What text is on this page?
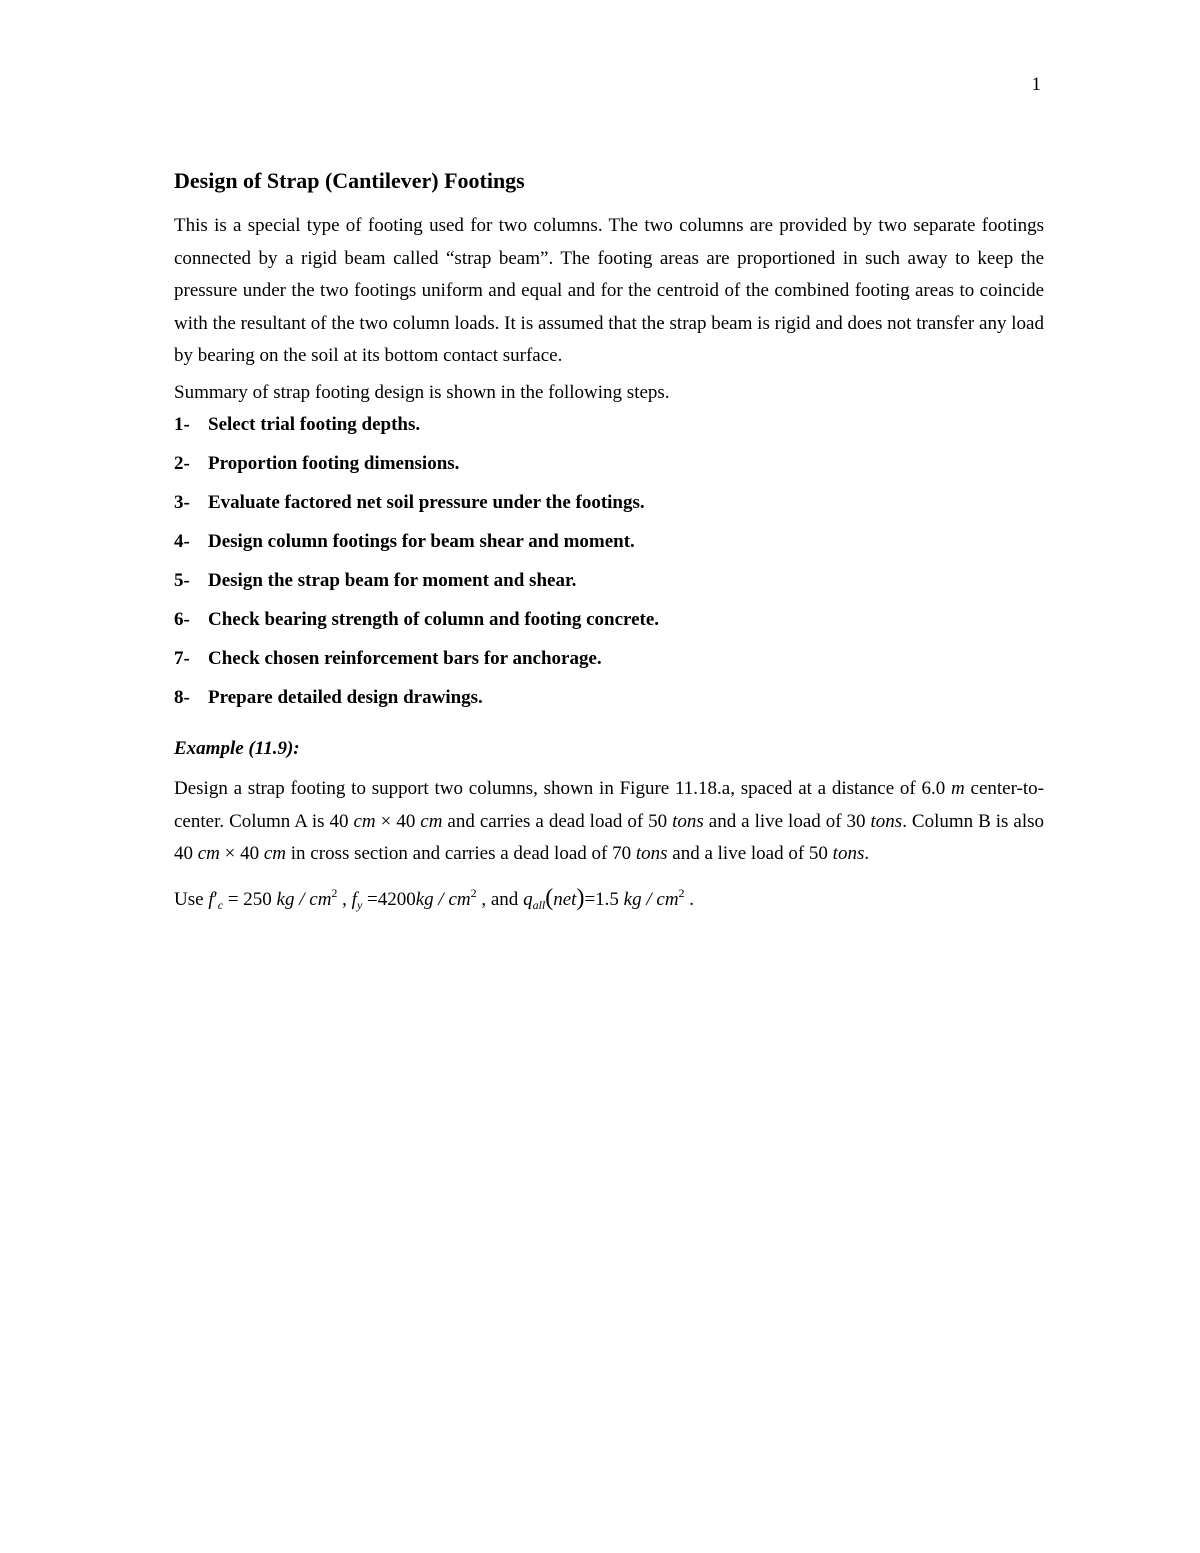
1
Design of Strap (Cantilever) Footings

This is a special type of footing used for two columns. The two columns are provided by two separate footings connected by a rigid beam called “strap beam”. The footing areas are proportioned in such away to keep the pressure under the two footings uniform and equal and for the centroid of the combined footing areas to coincide with the resultant of the two column loads. It is assumed that the strap beam is rigid and does not transfer any load by bearing on the soil at its bottom contact surface.

Summary of strap footing design is shown in the following steps.

1- Select trial footing depths.
2- Proportion footing dimensions.
3- Evaluate factored net soil pressure under the footings.
4- Design column footings for beam shear and moment.
5- Design the strap beam for moment and shear.
6- Check bearing strength of column and footing concrete.
7- Check chosen reinforcement bars for anchorage.
8- Prepare detailed design drawings.

Example (11.9):

Design a strap footing to support two columns, shown in Figure 11.18.a, spaced at a distance of 6.0 m center-to-center. Column A is 40 cm × 40 cm and carries a dead load of 50 tons and a live load of 30 tons. Column B is also 40 cm × 40 cm in cross section and carries a dead load of 70 tons and a live load of 50 tons.

Use $f'_c = 250$ kg / $cm^2$ , $f_y =4200kg / cm^2$ , and $q_{all}(net)=1.5$ kg / $cm^2$ .
